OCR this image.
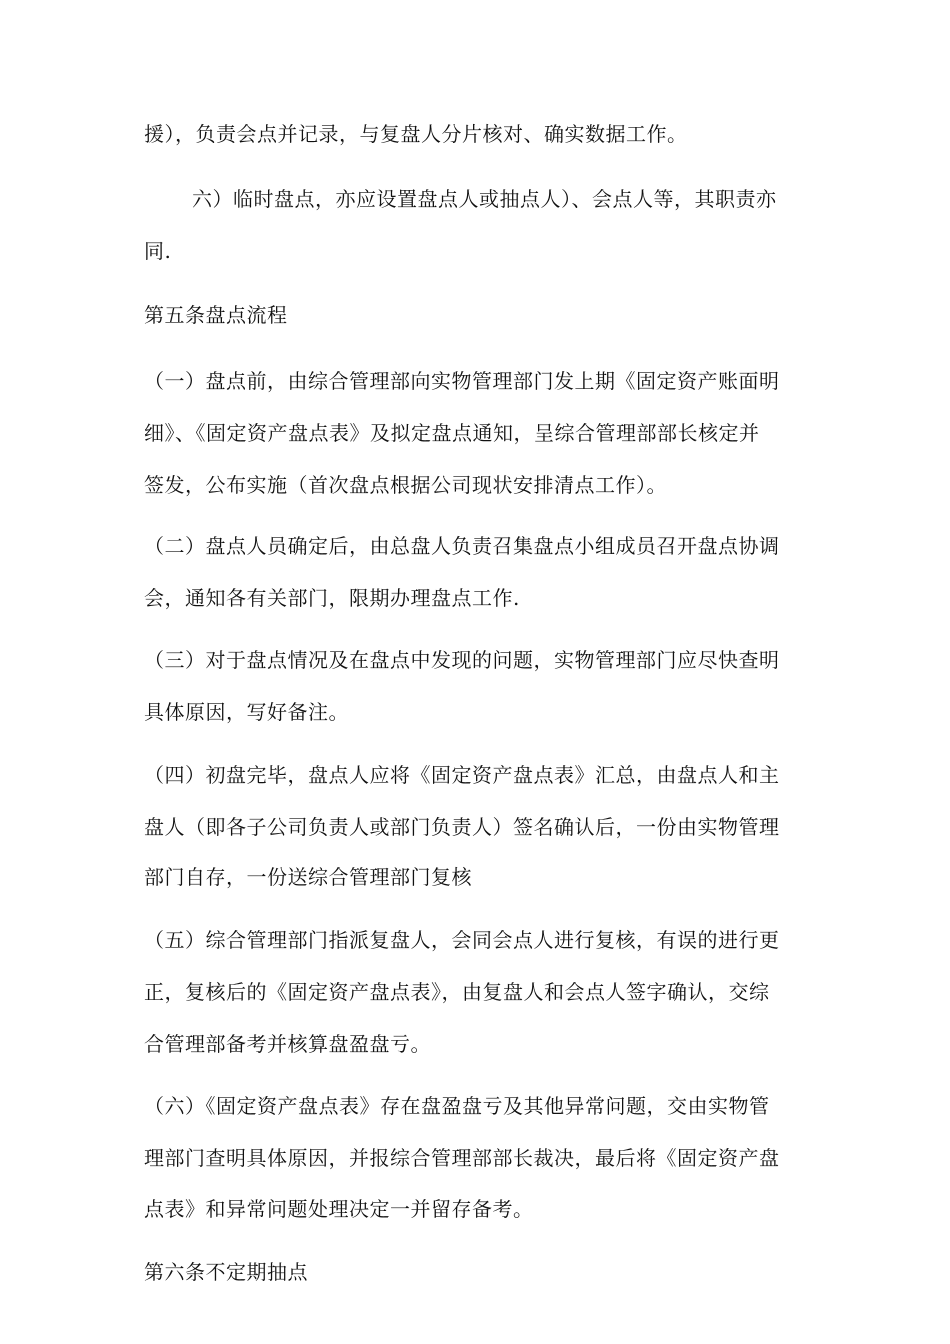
援），负责会点并记录，与复盘人分片核对、确实数据工作。
六）临时盘点，亦应设置盘点人或抽点人）、会点人等，其职责亦
同.
第五条盘点流程
（一）盘点前，由综合管理部向实物管理部门发上期《固定资产账面明
细》、《固定资产盘点表》及拟定盘点通知，呈综合管理部部长核定并
签发，公布实施（首次盘点根据公司现状安排清点工作）。
（二）盘点人员确定后，由总盘人负责召集盘点小组成员召开盘点协调
会，通知各有关部门，限期办理盘点工作.
（三）对于盘点情况及在盘点中发现的问题，实物管理部门应尽快查明
具体原因，写好备注。
（四）初盘完毕，盘点人应将《固定资产盘点表》汇总，由盘点人和主
盘人（即各子公司负责人或部门负责人）签名确认后，一份由实物管理
部门自存，一份送综合管理部门复核
（五）综合管理部门指派复盘人，会同会点人进行复核，有误的进行更
正，复核后的《固定资产盘点表》，由复盘人和会点人签字确认，交综
合管理部备考并核算盘盈盘亏。
（六）《固定资产盘点表》存在盘盈盘亏及其他异常问题，交由实物管
理部门查明具体原因，并报综合管理部部长裁决，最后将《固定资产盘
点表》和异常问题处理决定一并留存备考。
第六条不定期抽点
